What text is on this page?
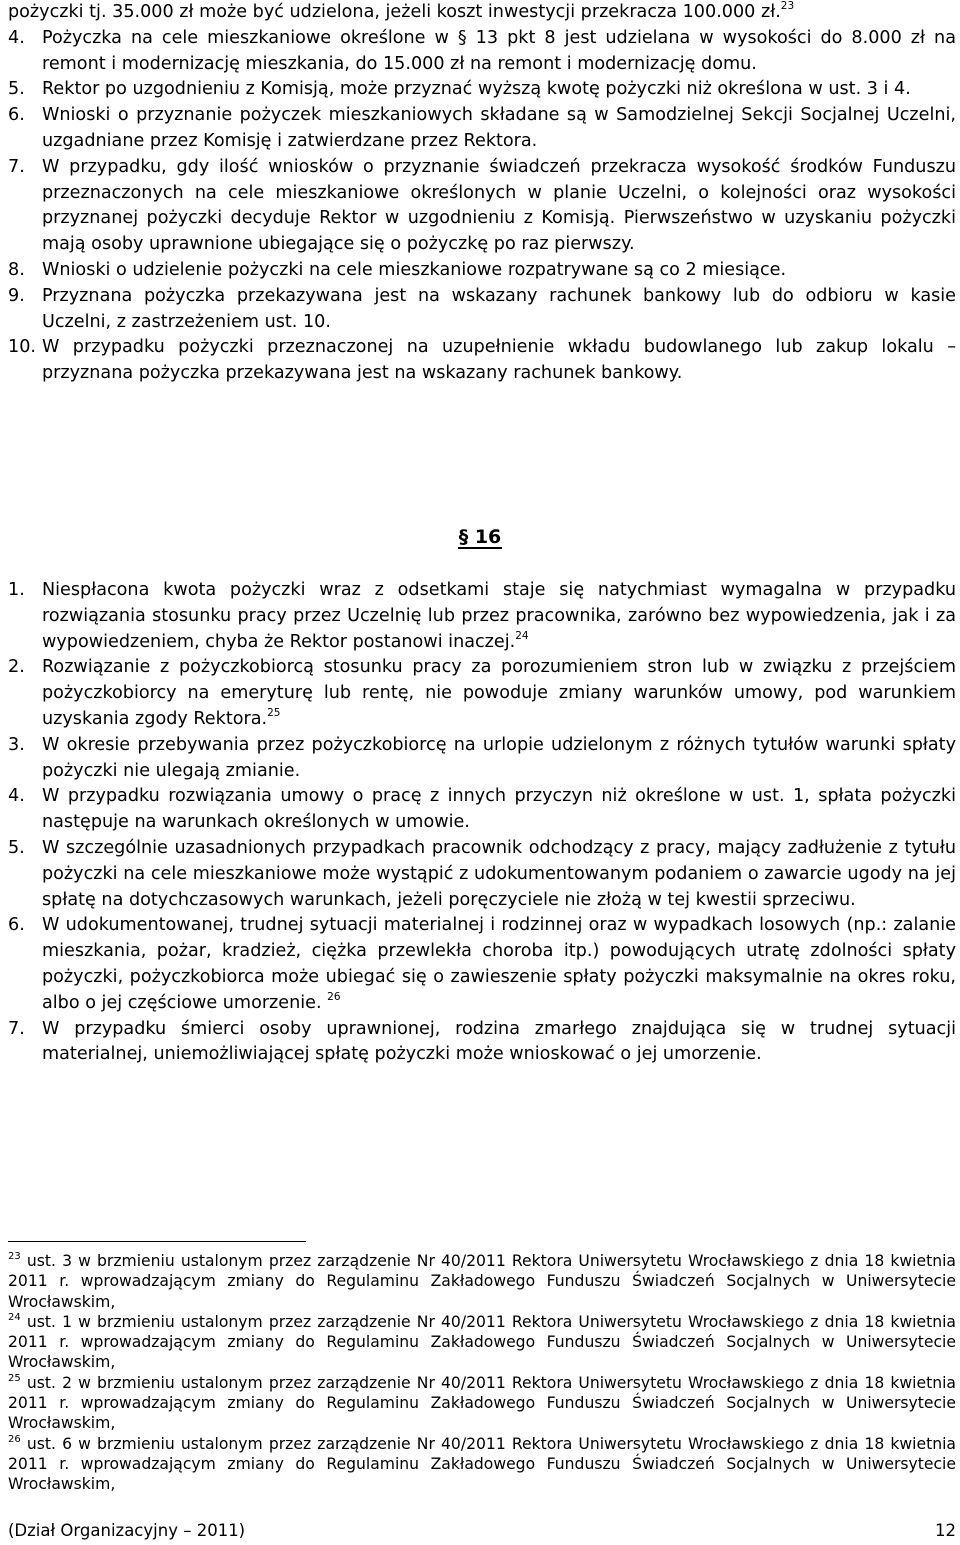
pożyczki tj. 35.000 zł może być udzielona, jeżeli koszt inwestycji przekracza 100.000 zł.$^{23}$
4. Pożyczka na cele mieszkaniowe określone w § 13 pkt 8 jest udzielana w wysokości do 8.000 zł na remont i modernizację mieszkania, do 15.000 zł na remont i modernizację domu.
5. Rektor po uzgodnieniu z Komisją, może przyznać wyższą kwotę pożyczki niż określona w ust. 3 i 4.
6. Wnioski o przyznanie pożyczek mieszkaniowych składane są w Samodzielnej Sekcji Socjalnej Uczelni, uzgadniane przez Komisję i zatwierdzane przez Rektora.
7. W przypadku, gdy ilość wniosków o przyznanie świadczeń przekracza wysokość środków Funduszu przeznaczonych na cele mieszkaniowe określonych w planie Uczelni, o kolejności oraz wysokości przyznanej pożyczki decyduje Rektor w uzgodnieniu z Komisją. Pierwszeństwo w uzyskaniu pożyczki mają osoby uprawnione ubiegające się o pożyczkę po raz pierwszy.
8. Wnioski o udzielenie pożyczki na cele mieszkaniowe rozpatrywane są co 2 miesiące.
9. Przyznana pożyczka przekazywana jest na wskazany rachunek bankowy lub do odbioru w kasie Uczelni, z zastrzeżeniem ust. 10.
10. W przypadku pożyczki przeznaczonej na uzupełnienie wkładu budowlanego lub zakup lokalu – przyznana pożyczka przekazywana jest na wskazany rachunek bankowy.
§ 16
1. Niespłacona kwota pożyczki wraz z odsetkami staje się natychmiast wymagalna w przypadku rozwiązania stosunku pracy przez Uczelnię lub przez pracownika, zarówno bez wypowiedzenia, jak i za wypowiedzeniem, chyba że Rektor postanowi inaczej.$^{24}$
2. Rozwiązanie z pożyczkobiorcą stosunku pracy za porozumieniem stron lub w związku z przejściem pożyczkobiorcy na emeryturę lub rentę, nie powoduje zmiany warunków umowy, pod warunkiem uzyskania zgody Rektora.$^{25}$
3. W okresie przebywania przez pożyczkobiorcę na urlopie udzielonym z różnych tytułów warunki spłaty pożyczki nie ulegają zmianie.
4. W przypadku rozwiązania umowy o pracę z innych przyczyn niż określone w ust. 1, spłata pożyczki następuje na warunkach określonych w umowie.
5. W szczególnie uzasadnionych przypadkach pracownik odchodzący z pracy, mający zadłużenie z tytułu pożyczki na cele mieszkaniowe może wystąpić z udokumentowanym podaniem o zawarcie ugody na jej spłatę na dotychczasowych warunkach, jeżeli poręczyciele nie złożą w tej kwestii sprzeciwu.
6. W udokumentowanej, trudnej sytuacji materialnej i rodzinnej oraz w wypadkach losowych (np.: zalanie mieszkania, pożar, kradzież, ciężka przewlekła choroba itp.) powodujących utratę zdolności spłaty pożyczki, pożyczkobiorca może ubiegać się o zawieszenie spłaty pożyczki maksymalnie na okres roku, albo o jej częściowe umorzenie. $^{26}$
7. W przypadku śmierci osoby uprawnionej, rodzina zmarłego znajdująca się w trudnej sytuacji materialnej, uniemożliwiającej spłatę pożyczki może wnioskować o jej umorzenie.
$^{23}$ ust. 3 w brzmieniu ustalonym przez zarządzenie Nr 40/2011 Rektora Uniwersytetu Wrocławskiego z dnia 18 kwietnia 2011 r. wprowadzającym zmiany do Regulaminu Zakładowego Funduszu Świadczeń Socjalnych w Uniwersytecie Wrocławskim,
$^{24}$ ust. 1 w brzmieniu ustalonym przez zarządzenie Nr 40/2011 Rektora Uniwersytetu Wrocławskiego z dnia 18 kwietnia 2011 r. wprowadzającym zmiany do Regulaminu Zakładowego Funduszu Świadczeń Socjalnych w Uniwersytecie Wrocławskim,
$^{25}$ ust. 2 w brzmieniu ustalonym przez zarządzenie Nr 40/2011 Rektora Uniwersytetu Wrocławskiego z dnia 18 kwietnia 2011 r. wprowadzającym zmiany do Regulaminu Zakładowego Funduszu Świadczeń Socjalnych w Uniwersytecie Wrocławskim,
$^{26}$ ust. 6 w brzmieniu ustalonym przez zarządzenie Nr 40/2011 Rektora Uniwersytetu Wrocławskiego z dnia 18 kwietnia 2011 r. wprowadzającym zmiany do Regulaminu Zakładowego Funduszu Świadczeń Socjalnych w Uniwersytecie Wrocławskim,
(Dział Organizacyjny – 2011)	12
